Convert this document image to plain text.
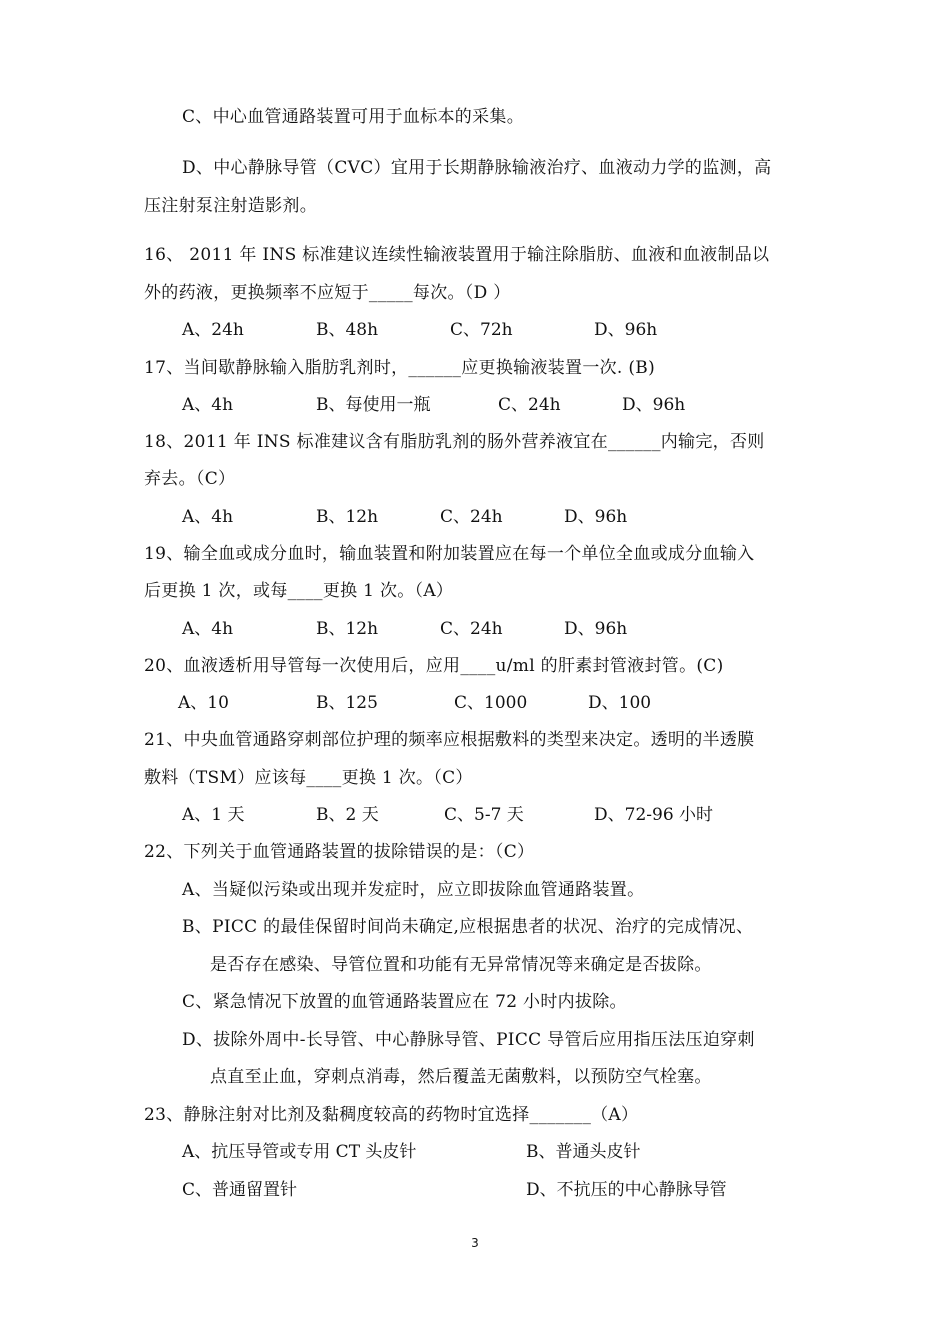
C、中心血管通路装置可用于血标本的采集。
D、中心静脉导管（CVC）宜用于长期静脉输液治疗、血液动力学的监测，高
压注射泵注射造影剂。
16、 2011 年 INS 标准建议连续性输液装置用于输注除脂肪、血液和血液制品以
外的药液，更换频率不应短于_____每次。（D ）
A、24h	B、48h	C、72h	D、96h
17、当间歇静脉输入脂肪乳剂时，______应更换输液装置一次. (B)
A、4h	B、每使用一瓶	C、24h	D、96h
18、2011 年 INS 标准建议含有脂肪乳剂的肠外营养液宜在______内输完，否则
弃去。（C）
A、4h	B、12h	C、24h	D、96h
19、输全血或成分血时，输血装置和附加装置应在每一个单位全血或成分血输入
后更换 1 次，或每____更换 1 次。（A）
A、4h	B、12h	C、24h	D、96h
20、血液透析用导管每一次使用后，应用____u/ml 的肝素封管液封管。(C)
A、10	B、125	C、1000	D、100
21、中央血管通路穿刺部位护理的频率应根据敷料的类型来决定。透明的半透膜
敷料（TSM）应该每____更换 1 次。（C）
A、1 天	B、2 天	C、5-7 天	D、72-96 小时
22、下列关于血管通路装置的拔除错误的是：（C）
A、当疑似污染或出现并发症时，应立即拔除血管通路装置。
B、PICC 的最佳保留时间尚未确定,应根据患者的状况、治疗的完成情况、
是否存在感染、导管位置和功能有无异常情况等来确定是否拔除。
C、紧急情况下放置的血管通路装置应在 72 小时内拔除。
D、拔除外周中-长导管、中心静脉导管、PICC 导管后应用指压法压迫穿刺
点直至止血，穿刺点消毒，然后覆盖无菌敷料，以预防空气栓塞。
23、静脉注射对比剂及黏稠度较高的药物时宜选择_______（A）
A、抗压导管或专用 CT 头皮针	B、普通头皮针
C、普通留置针	D、不抗压的中心静脉导管
3
